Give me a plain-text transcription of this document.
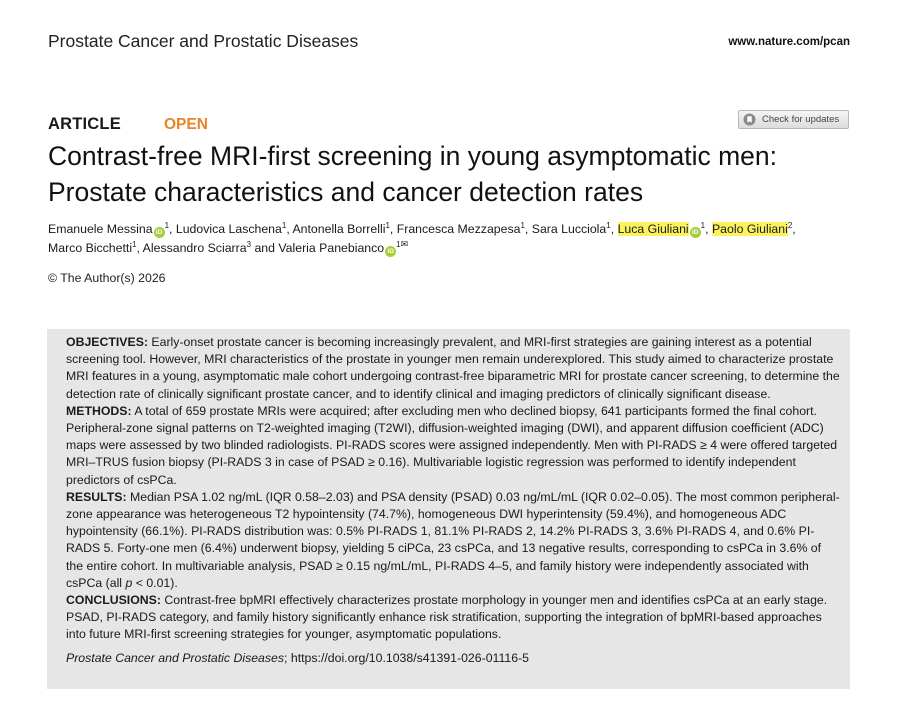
Prostate Cancer and Prostatic Diseases	www.nature.com/pcan
ARTICLE	OPEN	Check for updates
Contrast-free MRI-first screening in young asymptomatic men:
Prostate characteristics and cancer detection rates
Emanuele Messina $iD^1$, Ludovica Laschena$^1$, Antonella Borrelli$^1$, Francesca Mezzapesa$^1$, Sara Lucciola$^1$, Luca Giuliani $iD^1$, Paolo Giuliani$^2$,
Marco Bicchetti$^1$, Alessandro Sciarra$^3$ and Valeria Panebianco $iD^{1✉}$
© The Author(s) 2026

OBJECTIVES: Early-onset prostate cancer is becoming increasingly prevalent, and MRI-first strategies are gaining interest as a potential screening tool. However, MRI characteristics of the prostate in younger men remain underexplored. This study aimed to characterize prostate MRI features in a young, asymptomatic male cohort undergoing contrast-free biparametric MRI for prostate cancer screening, to determine the detection rate of clinically significant prostate cancer, and to identify clinical and imaging predictors of clinically significant disease.

METHODS: A total of 659 prostate MRIs were acquired; after excluding men who declined biopsy, 641 participants formed the final cohort. Peripheral-zone signal patterns on T2-weighted imaging (T2WI), diffusion-weighted imaging (DWI), and apparent diffusion coefficient (ADC) maps were assessed by two blinded radiologists. PI-RADS scores were assigned independently. Men with PI-RADS ≥ 4 were offered targeted MRI–TRUS fusion biopsy (PI-RADS 3 in case of PSAD ≥ 0.16). Multivariable logistic regression was performed to identify independent predictors of csPCa.

RESULTS: Median PSA 1.02 ng/mL (IQR 0.58–2.03) and PSA density (PSAD) 0.03 ng/mL/mL (IQR 0.02–0.05). The most common peripheral-zone appearance was heterogeneous T2 hypointensity (74.7%), homogeneous DWI hyperintensity (59.4%), and homogeneous ADC hypointensity (66.1%). PI-RADS distribution was: 0.5% PI-RADS 1, 81.1% PI-RADS 2, 14.2% PI-RADS 3, 3.6% PI-RADS 4, and 0.6% PI-RADS 5. Forty-one men (6.4%) underwent biopsy, yielding 5 ciPCa, 23 csPCa, and 13 negative results, corresponding to csPCa in 3.6% of the entire cohort. In multivariable analysis, PSAD ≥ 0.15 ng/mL/mL, PI-RADS 4–5, and family history were independently associated with csPCa (all p < 0.01).

CONCLUSIONS: Contrast-free bpMRI effectively characterizes prostate morphology in younger men and identifies csPCa at an early stage. PSAD, PI-RADS category, and family history significantly enhance risk stratification, supporting the integration of bpMRI-based approaches into future MRI-first screening strategies for younger, asymptomatic populations.

Prostate Cancer and Prostatic Diseases; https://doi.org/10.1038/s41391-026-01116-5
